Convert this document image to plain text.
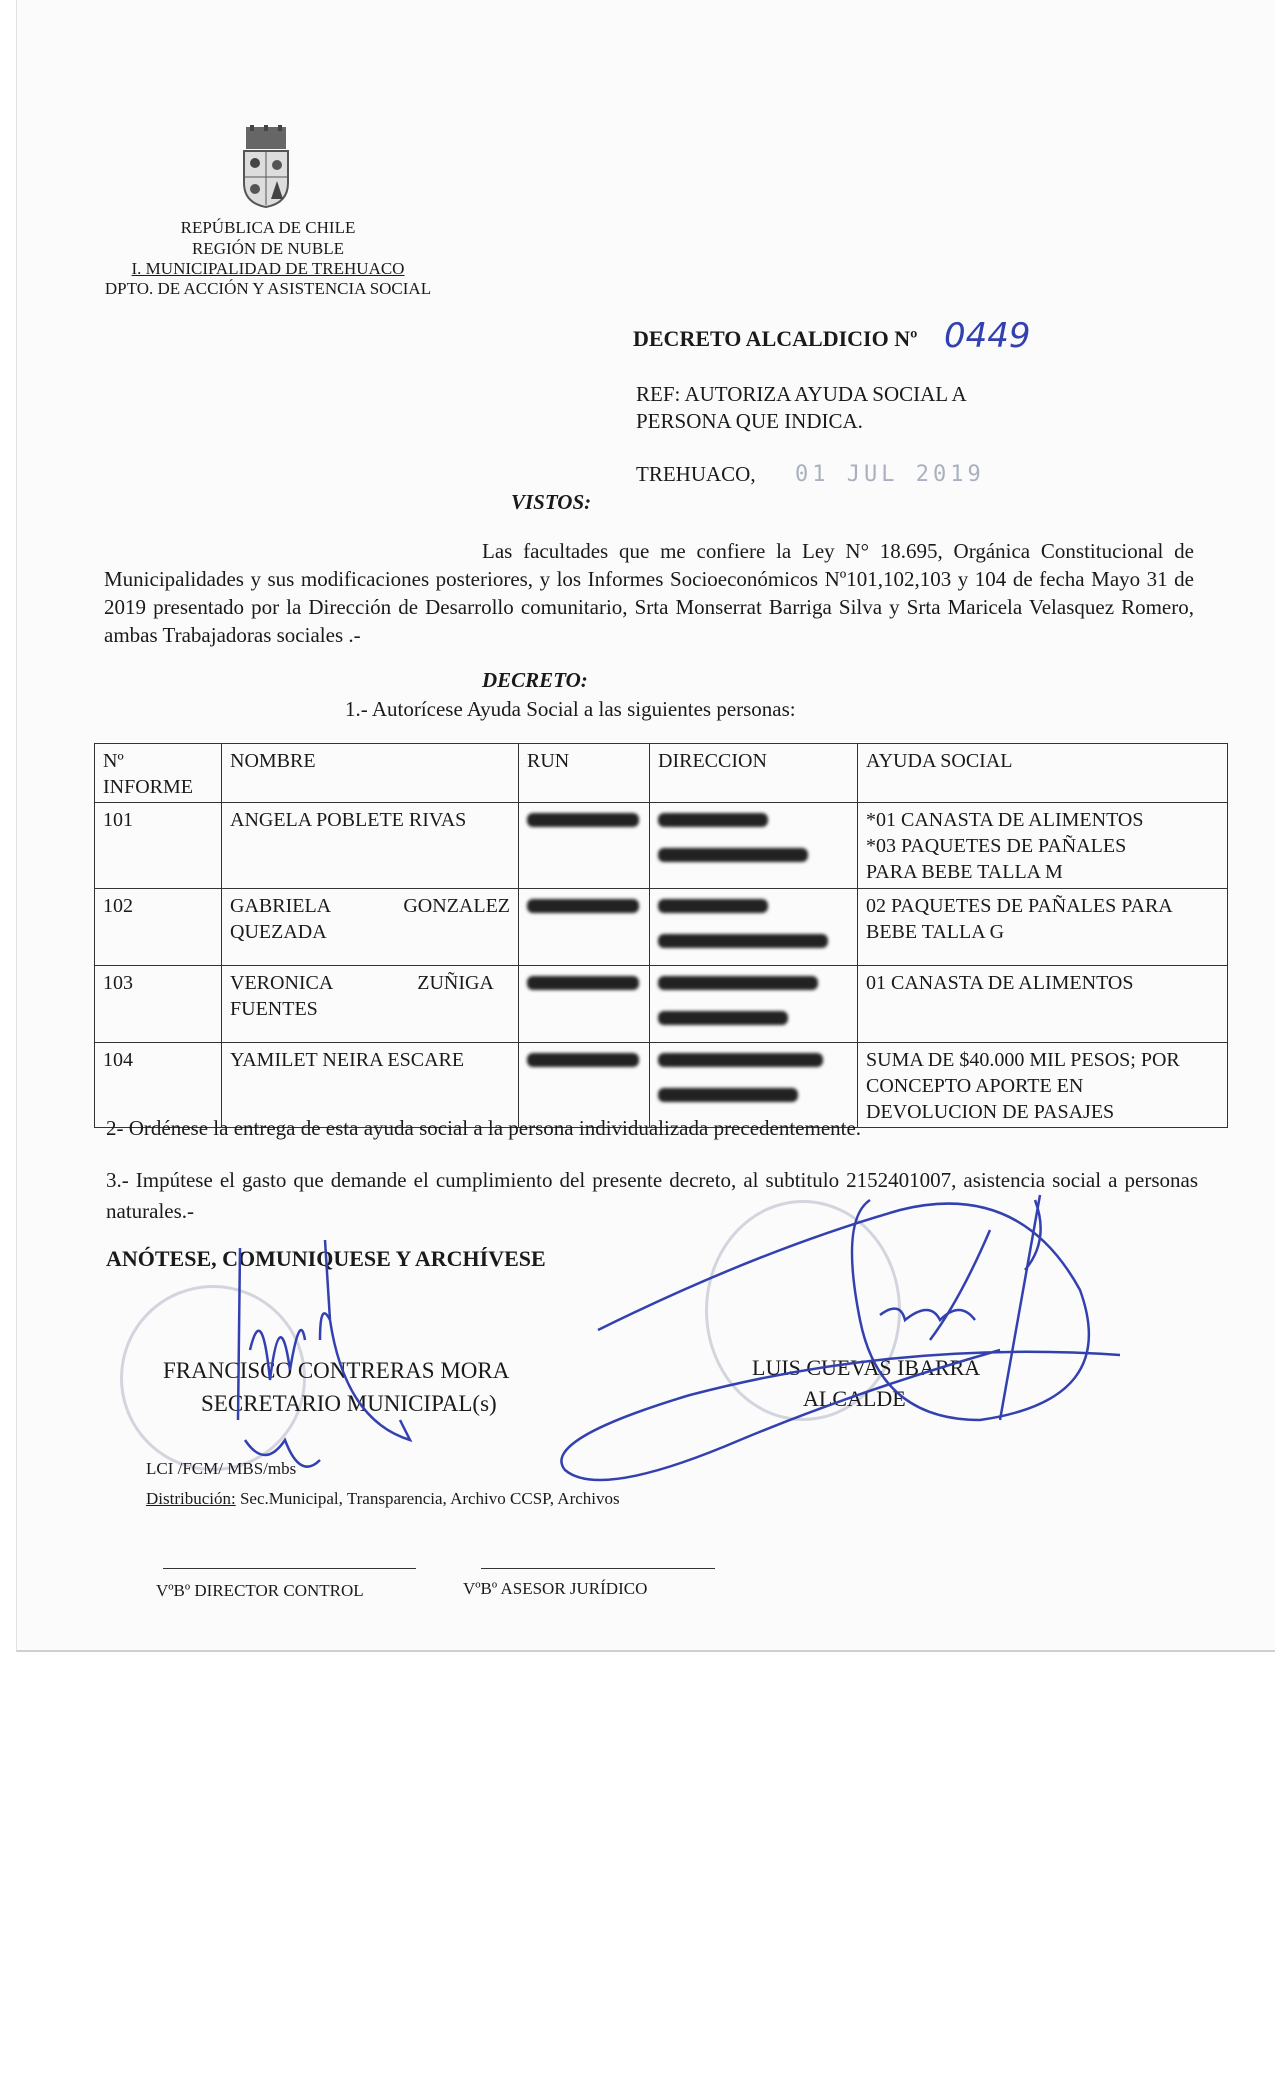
REPÚBLICA DE CHILE
REGIÓN DE NUBLE
I. MUNICIPALIDAD DE TREHUACO
DPTO. DE ACCIÓN Y ASISTENCIA SOCIAL
DECRETO ALCALDICIO Nº 0449
REF: AUTORIZA AYUDA SOCIAL A
PERSONA QUE INDICA.
TREHUACO, 01 JUL 2019
VISTOS:
Las facultades que me confiere la Ley N° 18.695, Orgánica Constitucional de Municipalidades y sus modificaciones posteriores, y los Informes Socioeconómicos Nº101,102,103 y 104 de fecha Mayo 31 de 2019 presentado por la Dirección de Desarrollo comunitario, Srta Monserrat Barriga Silva y Srta Maricela Velasquez Romero, ambas Trabajadoras sociales .-
DECRETO:
1.- Autorícese Ayuda Social a las siguientes personas:
Nº INFORME	NOMBRE	RUN	DIRECCION	AYUDA SOCIAL
101	ANGELA POBLETE RIVAS			*01 CANASTA DE ALIMENTOS
*03 PAQUETES DE PAÑALES
PARA BEBE TALLA M

102	GABRIELA GONZALEZ QUEZADA			02 PAQUETES DE PAÑALES PARA
BEBE TALLA G

103	VERONICA ZUÑIGA FUENTES			01 CANASTA DE ALIMENTOS

104	YAMILET NEIRA ESCARE			SUMA DE $40.000 MIL PESOS; POR
CONCEPTO APORTE EN
DEVOLUCION DE PASAJES
2- Ordénese la entrega de esta ayuda social a la persona individualizada precedentemente.
3.- Impútese el gasto que demande el cumplimiento del presente decreto, al subtitulo 2152401007, asistencia social a personas naturales.-
ANÓTESE, COMUNIQUESE Y ARCHÍVESE
FRANCISCO CONTRERAS MORA
SECRETARIO MUNICIPAL(s)
LUIS CUEVAS IBARRA
ALCALDE
LCI /FCM/ MBS/mbs
Distribución: Sec.Municipal, Transparencia, Archivo CCSP, Archivos
VºBº DIRECTOR CONTROL	VºBº ASESOR JURÍDICO
